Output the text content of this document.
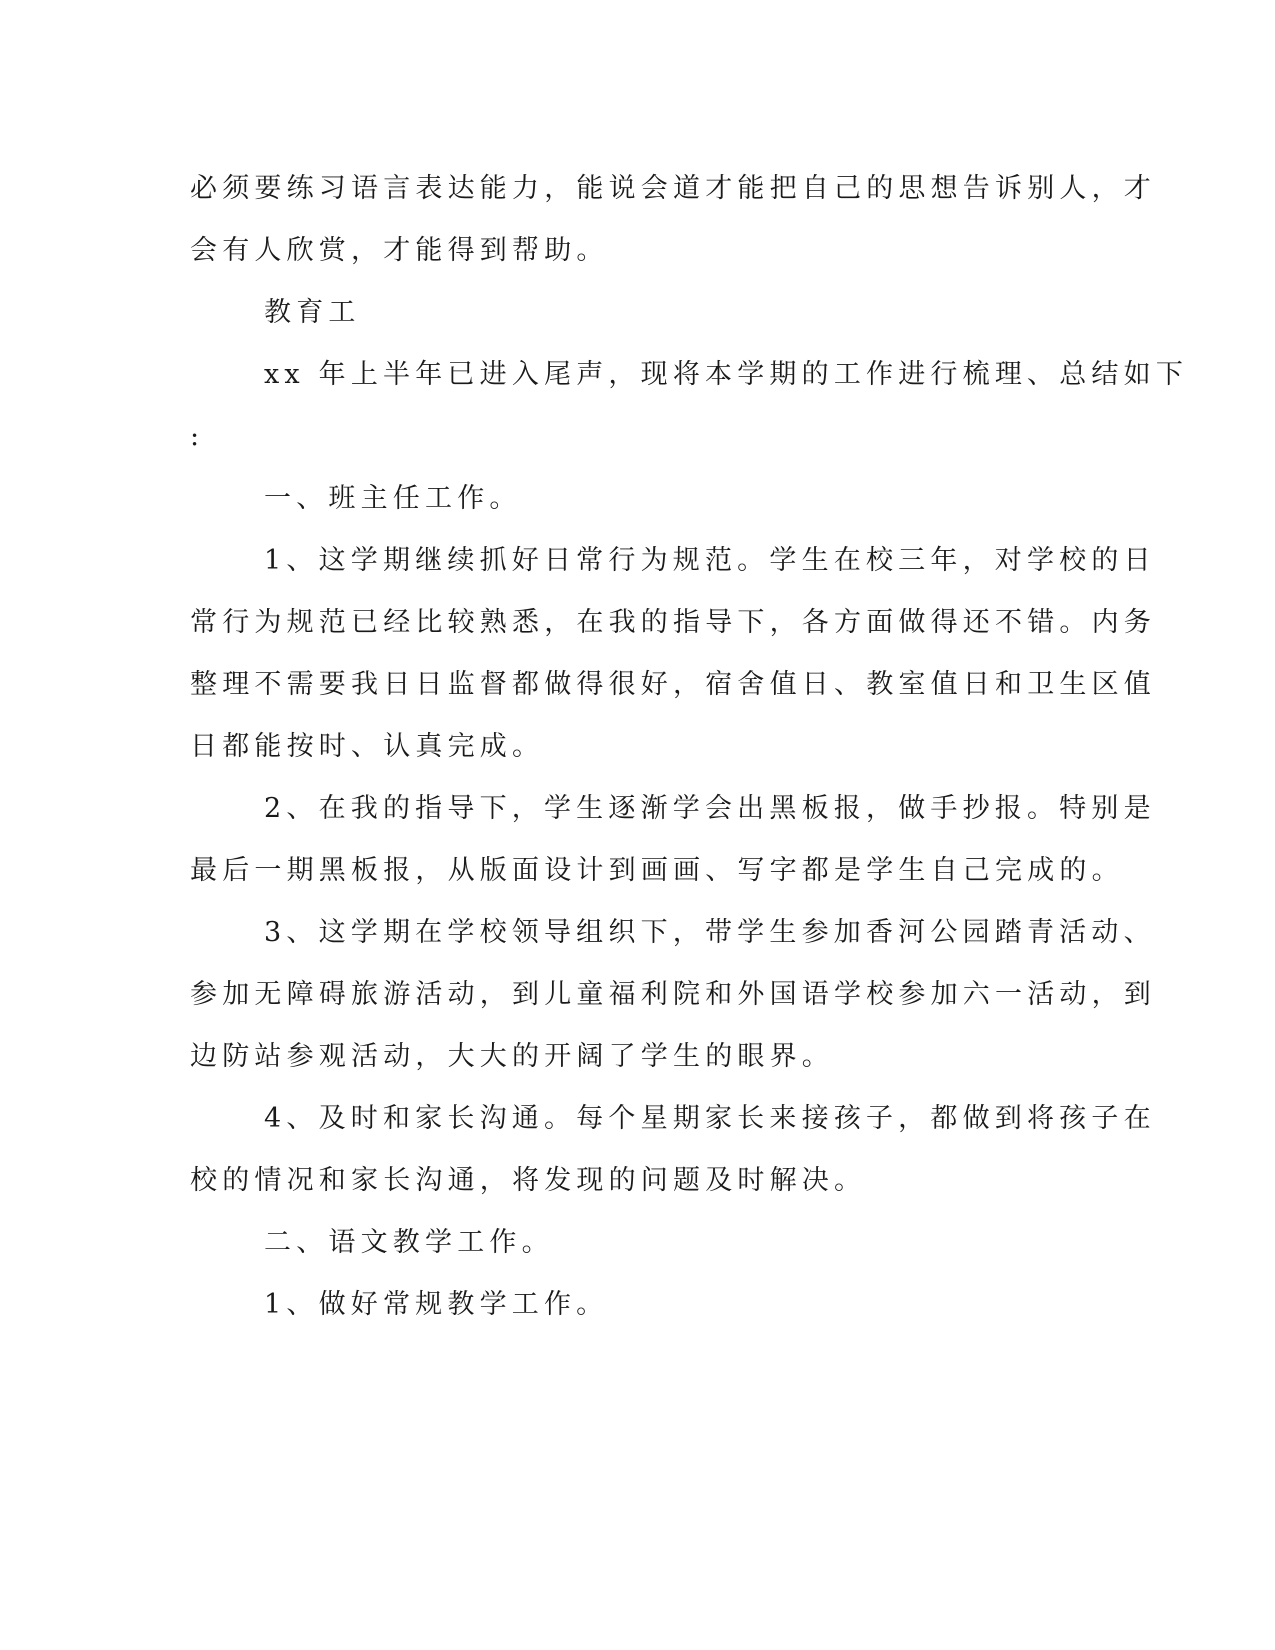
必须要练习语言表达能力，能说会道才能把自己的思想告诉别人，才
会有人欣赏，才能得到帮助。
教育工
xx 年上半年已进入尾声，现将本学期的工作进行梳理、总结如下
:
一、班主任工作。
1、这学期继续抓好日常行为规范。学生在校三年，对学校的日
常行为规范已经比较熟悉，在我的指导下，各方面做得还不错。内务
整理不需要我日日监督都做得很好，宿舍值日、教室值日和卫生区值
日都能按时、认真完成。
2、在我的指导下，学生逐渐学会出黑板报，做手抄报。特别是
最后一期黑板报，从版面设计到画画、写字都是学生自己完成的。
3、这学期在学校领导组织下，带学生参加香河公园踏青活动、
参加无障碍旅游活动，到儿童福利院和外国语学校参加六一活动，到
边防站参观活动，大大的开阔了学生的眼界。
4、及时和家长沟通。每个星期家长来接孩子，都做到将孩子在
校的情况和家长沟通，将发现的问题及时解决。
二、语文教学工作。
1、做好常规教学工作。
